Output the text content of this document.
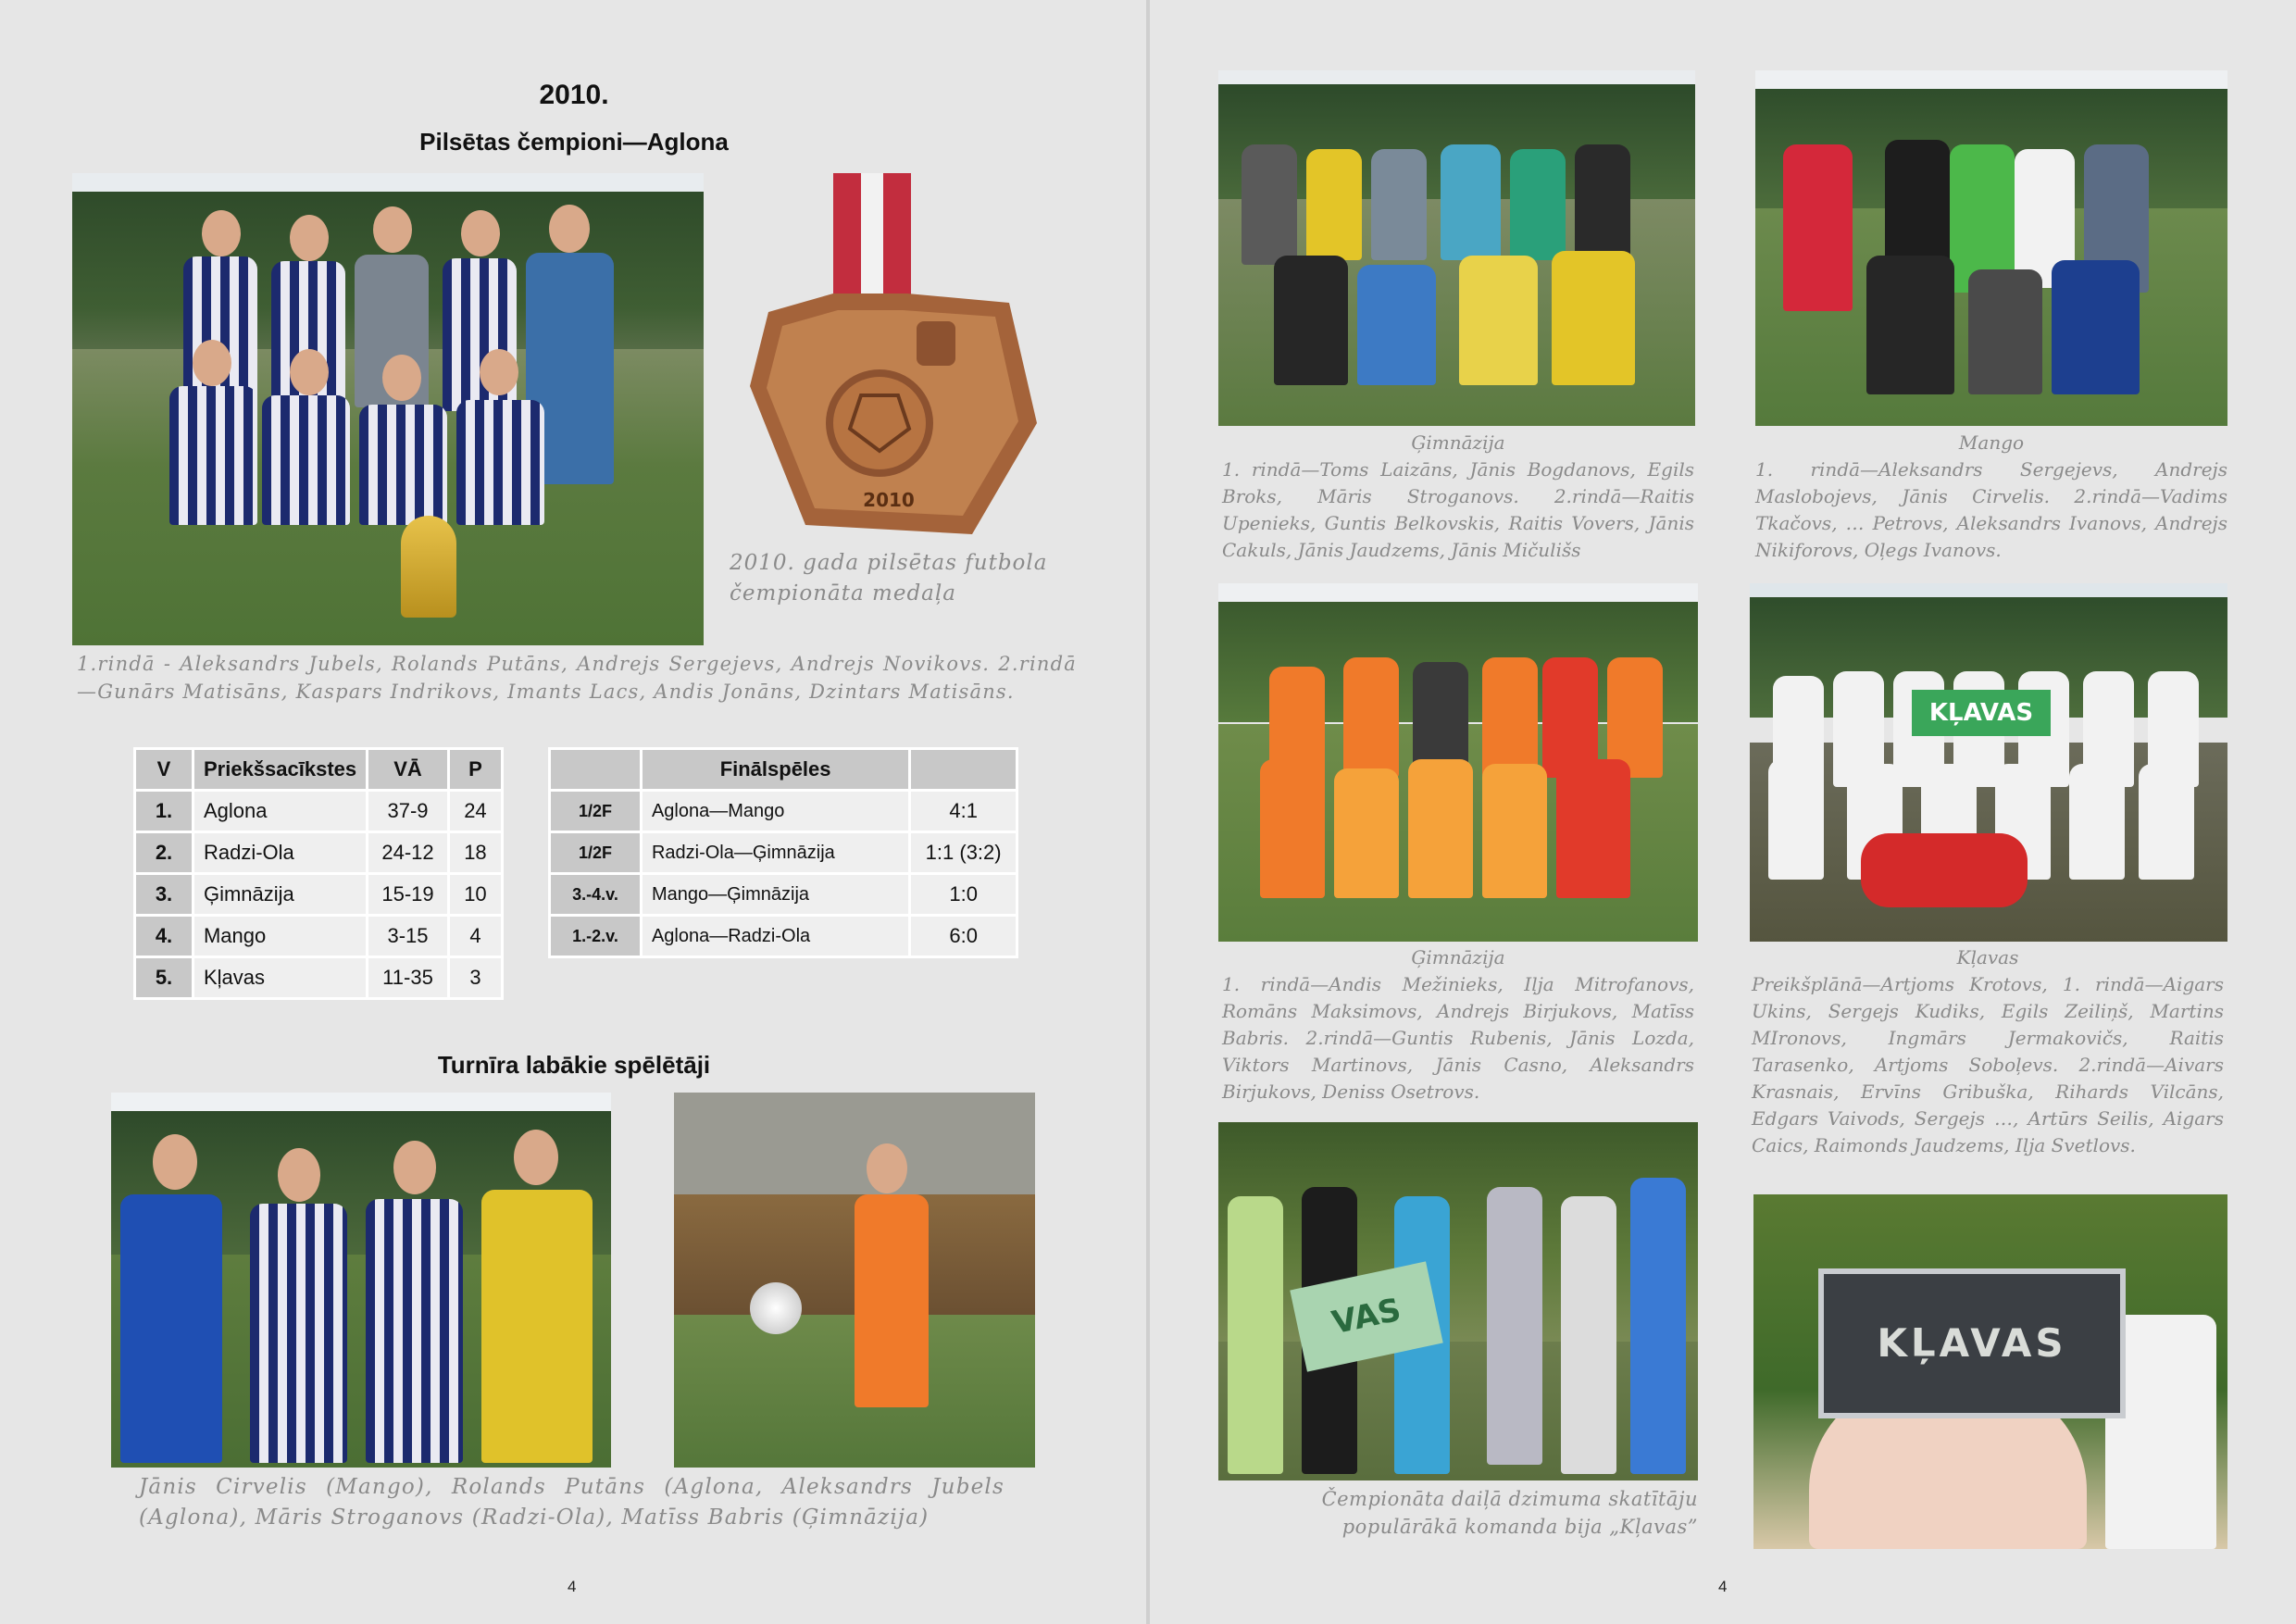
2010.
Pilsētas čempioni—Aglona
2010
2010. gada pilsētas futbola čempionāta medaļa
1.rindā - Aleksandrs Jubels, Rolands Putāns, Andrejs Sergejevs, Andrejs Novikovs. 2.rindā—Gunārs Matisāns, Kaspars Indrikovs, Imants Lacs, Andis Jonāns, Dzintars Matisāns.
V	Priekšsacīkstes	VĀ	P
1.	Aglona	37-9	24
2.	Radzi-Ola	24-12	18
3.	Ģimnāzija	15-19	10
4.	Mango	3-15	4
5.	Kļavas	11-35	3
	Finālspēles	
1/2F	Aglona—Mango	4:1
1/2F	Radzi-Ola—Ģimnāzija	1:1 (3:2)
3.-4.v.	Mango—Ģimnāzija	1:0
1.-2.v.	Aglona—Radzi-Ola	6:0
Turnīra labākie spēlētāji
Jānis Cirvelis (Mango), Rolands Putāns (Aglona, Aleksandrs Jubels (Aglona), Māris Stroganovs (Radzi-Ola), Matīss Babris (Ģimnāzija)
4
Ģimnāzija
1. rindā—Toms Laizāns, Jānis Bogdanovs, Egils Broks, Māris Stroganovs. 2.rindā—Raitis Upenieks, Guntis Belkovskis, Raitis Vovers, Jānis Cakuls, Jānis Jaudzems, Jānis Mičulišs
Mango
1. rindā—Aleksandrs Sergejevs, Andrejs Maslobojevs, Jānis Cirvelis. 2.rindā—Vadims Tkačovs, … Petrovs, Aleksandrs Ivanovs, Andrejs Nikiforovs, Oļegs Ivanovs.
Ģimnāzija
1. rindā—Andis Mežinieks, Iļja Mitrofanovs, Romāns Maksimovs, Andrejs Birjukovs, Matīss Babris. 2.rindā—Guntis Rubenis, Jānis Lozda, Viktors Martinovs, Jānis Casno, Aleksandrs Birjukovs, Deniss Osetrovs.
KĻAVAS
Kļavas
Preikšplānā—Artjoms Krotovs, 1. rindā—Aigars Ukins, Sergejs Kudiks, Egils Zeiliņš, Martins MIronovs, Ingmārs Jermakovičs, Raitis Tarasenko, Artjoms Soboļevs. 2.rindā—Aivars Krasnais, Ervīns Gribuška, Rihards Vilcāns, Edgars Vaivods, Sergejs …, Artūrs Seilis, Aigars Caics, Raimonds Jaudzems, Iļja Svetlovs.
VAS
Čempionāta daiļā dzimuma skatītāju populārākā komanda bija „Kļavas”
KĻAVAS
4
